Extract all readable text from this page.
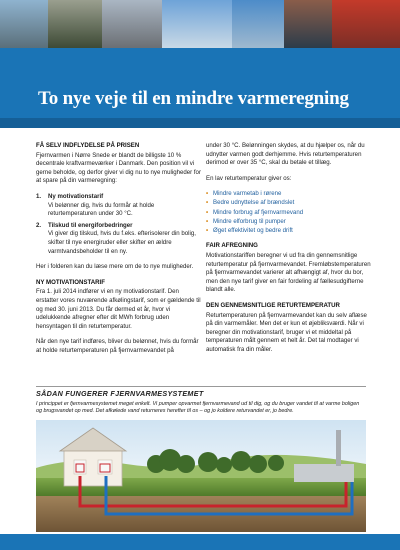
To nye veje til en mindre varmeregning
FÅ SELV INDFLYDELSE PÅ PRISEN

Fjernvarmen i Nørre Snede er blandt de billigste 10 % decentrale kraftvarmeværker i Danmark. Den position vil vi gerne beholde, og derfor giver vi dig nu to nye muligheder for at spare på din varmeregning:

1.	Ny motivationstarif
Vi belønner dig, hvis du formår at holde returtemperaturen under 30 °C.
2.	Tilskud til energiforbedringer
Vi giver dig tilskud, hvis du f.eks. efterisolerer din bolig, skifter til nye energiruder eller skifter en ældre varmtvandsbeholder til en ny.

Her i folderen kan du læse mere om de to nye muligheder.

NY MOTIVATIONSTARIF

Fra 1. juli 2014 indfører vi en ny motivationstarif. Den erstatter vores nuværende afkølingstarif, som er gældende til og med 30. juni 2013. Du får dermed et år, hvor vi udelukkende afregner efter dit MWh forbrug uden hensyntagen til din returtemperatur.

Når den nye tarif indføres, bliver du belønnet, hvis du formår at holde returtemperaturen på fjernvarmevandet på

under 30 °C. Belønningen skydes, at du hjælper os, når du udnytter varmen godt derhjemme. Hvis returtemperaturen derimod er over 35 °C, skal du betale et tillæg.

En lav returtemperatur giver os:

• Mindre varmetab i rørene
• Bedre udnyttelse af brændslet
• Mindre forbrug af fjernvarmevand
• Mindre elforbrug til pumper
• Øget effektivitet og bedre drift
FAIR AFREGNING

Motivationstariffen beregner vi ud fra din gennemsnitlige returtemperatur på fjernvarmevandet. Fremløbstemperaturen på fjernvarmevandet varierer alt afhængigt af, hvor du bor, men den nye tarif giver en fair fordeling af fællesudgifterne blandt alle.

DEN GENNEMSNITLIGE RETURTEMPERATUR

Returtemperaturen på fjernvarmevandet kan du selv aflæse på din varmemåler. Men det er kun et øjebliksværdi. Når vi beregner din motivationstarif, bruger vi et middeltal på temperaturen målt gennem et helt år. Det tal modtager vi automatisk fra din måler.

SÅDAN FUNGERER FJERNVARMESYSTEMET

I princippet er fjernvarmesystemet meget enkelt. Vi pumper opvarmet fjernvarmevand ud til dig, og du bruger vandet til at varme boligen og brugsvandet op med. Det afkølede vand returneres herefter til os – og jo koldere returvandet er, jo bedre.
